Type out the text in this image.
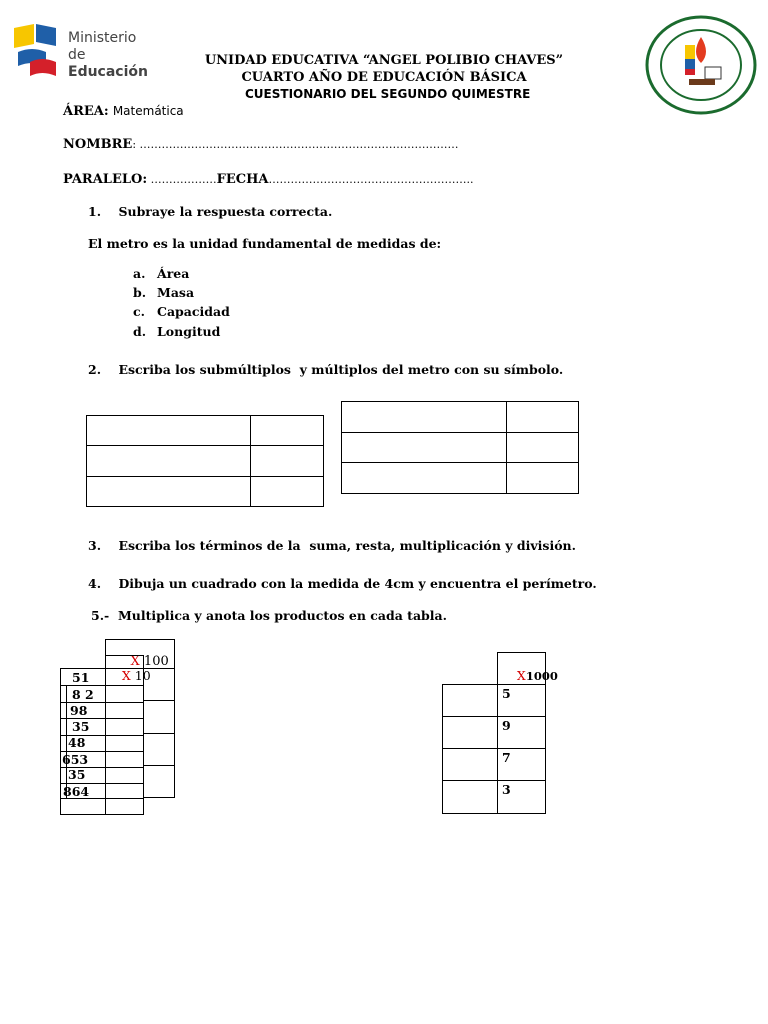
Ministerio
de Educación
UNIDAD EDUCATIVA “ANGEL POLIBIO CHAVES”
CUARTO AÑO DE EDUCACIÓN BÁSICA
CUESTIONARIO DEL SEGUNDO QUIMESTRE
ÁREA: Matemática
NOMBRE: ……………………………………………………………………………
PARALELO: ………………FECHA………………………………………………..
1.    Subraye la respuesta correcta.
El metro es la unidad fundamental de medidas de:
a. Área
b. Masa
c. Capacidad
d. Longitud
2.    Escriba los submúltiplos  y múltiplos del metro con su símbolo.
3.    Escriba los términos de la  suma, resta, multiplicación y división.
4.    Dibuja un cuadrado con la medida de 4cm y encuentra el perímetro.
5.-  Multiplica y anota los productos en cada tabla.

X 100

X 10

51
8 2
98
35
48
653
35
864

X1000

5
9
7
3
